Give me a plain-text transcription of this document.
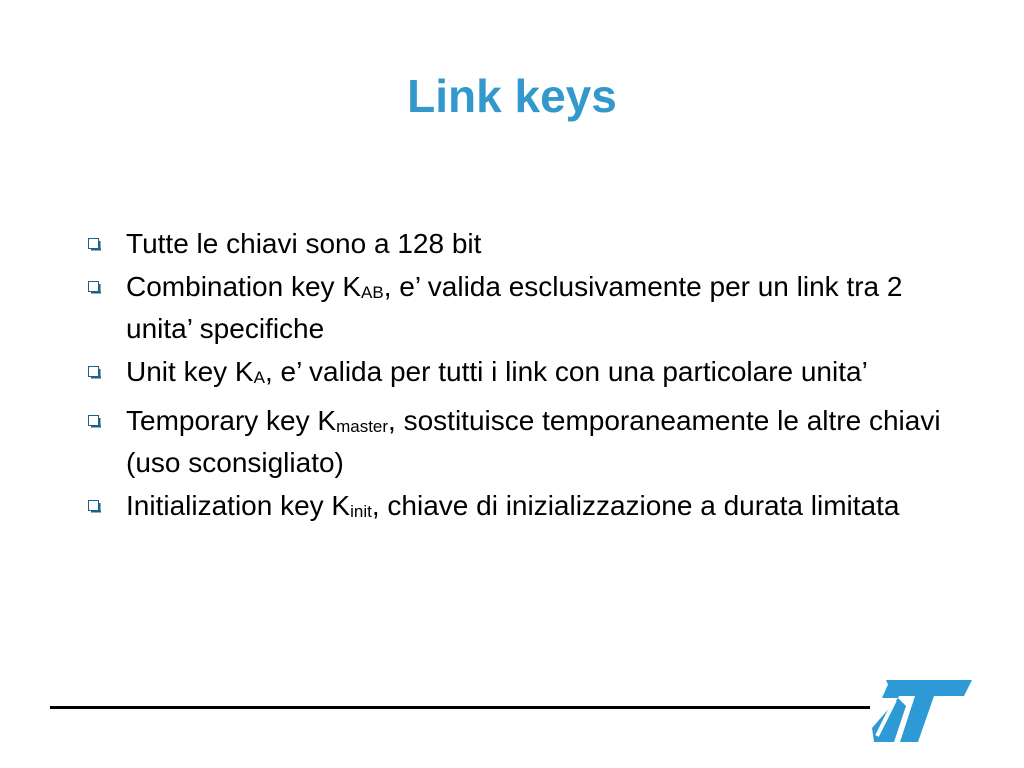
Link keys
Tutte le chiavi sono a 128 bit
Combination key KAB, e’ valida esclusivamente per un link tra 2 unita’ specifiche
Unit key KA, e’ valida per tutti i link con una particolare unita’
Temporary key Kmaster, sostituisce temporaneamente le altre chiavi (uso sconsigliato)
Initialization key Kinit, chiave di inizializzazione a durata limitata
